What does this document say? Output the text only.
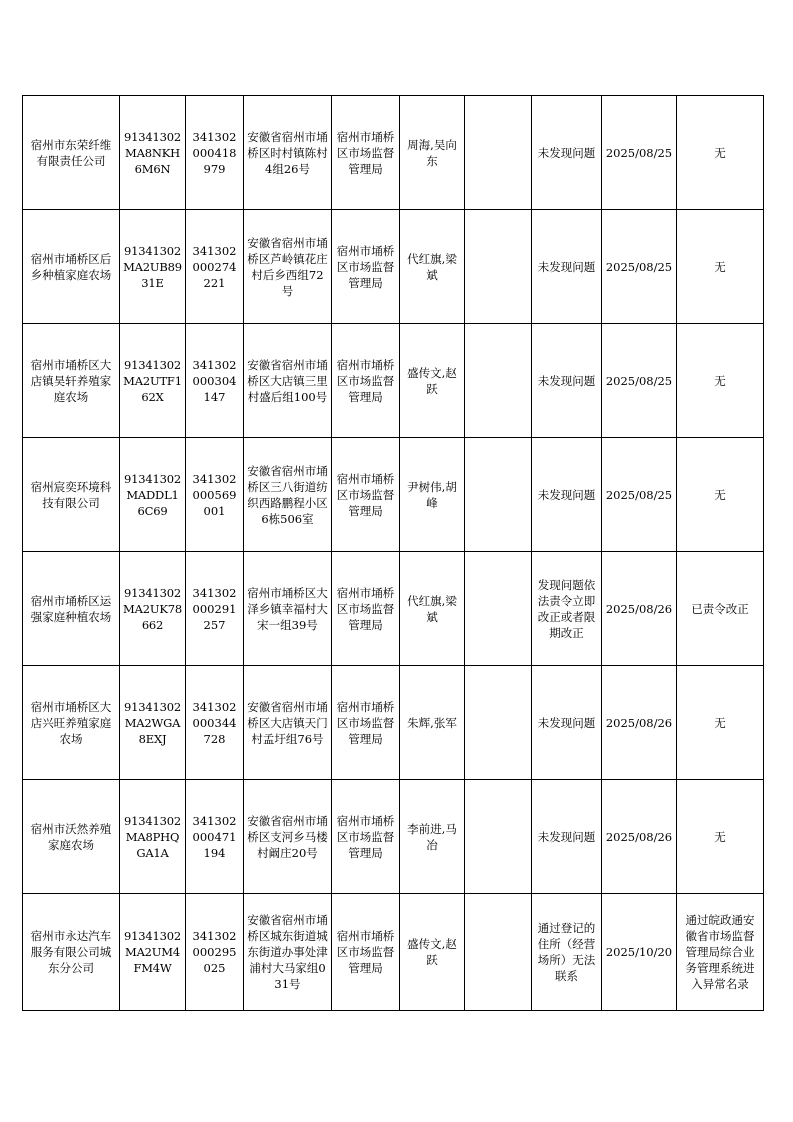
宿州市东荣纤维有限责任公司	91341302MA8NKH6M6N	341302000418979	安徽省宿州市埇桥区时村镇陈村4组26号	宿州市埇桥区市场监督管理局	周海,吴向东		未发现问题	2025/08/25	无
宿州市埇桥区后乡种植家庭农场	91341302MA2UB8931E	341302000274221	安徽省宿州市埇桥区芦岭镇花庄村后乡西组72号	宿州市埇桥区市场监督管理局	代红旗,梁斌		未发现问题	2025/08/25	无
宿州市埇桥区大店镇昊轩养殖家庭农场	91341302MA2UTF162X	341302000304147	安徽省宿州市埇桥区大店镇三里村盛后组100号	宿州市埇桥区市场监督管理局	盛传文,赵跃		未发现问题	2025/08/25	无
宿州宸奕环境科技有限公司	91341302MADDL16C69	341302000569001	安徽省宿州市埇桥区三八街道纺织西路鹏程小区6栋506室	宿州市埇桥区市场监督管理局	尹树伟,胡峰		未发现问题	2025/08/25	无
宿州市埇桥区运强家庭种植农场	91341302MA2UK78662	341302000291257	宿州市埇桥区大泽乡镇幸福村大宋一组39号	宿州市埇桥区市场监督管理局	代红旗,梁斌		发现问题依法责令立即改正或者限期改正	2025/08/26	已责令改正
宿州市埇桥区大店兴旺养殖家庭农场	91341302MA2WGA8EXJ	341302000344728	安徽省宿州市埇桥区大店镇天门村孟圩组76号	宿州市埇桥区市场监督管理局	朱辉,张军		未发现问题	2025/08/26	无
宿州市沃然养殖家庭农场	91341302MA8PHQGA1A	341302000471194	安徽省宿州市埇桥区支河乡马楼村阚庄20号	宿州市埇桥区市场监督管理局	李前进,马冶		未发现问题	2025/08/26	无
宿州市永达汽车服务有限公司城东分公司	91341302MA2UM4FM4W	341302000295025	安徽省宿州市埇桥区城东街道城东街道办事处津浦村大马家组031号	宿州市埇桥区市场监督管理局	盛传文,赵跃		通过登记的住所（经营场所）无法联系	2025/10/20	通过皖政通安徽省市场监督管理局综合业务管理系统进入异常名录
